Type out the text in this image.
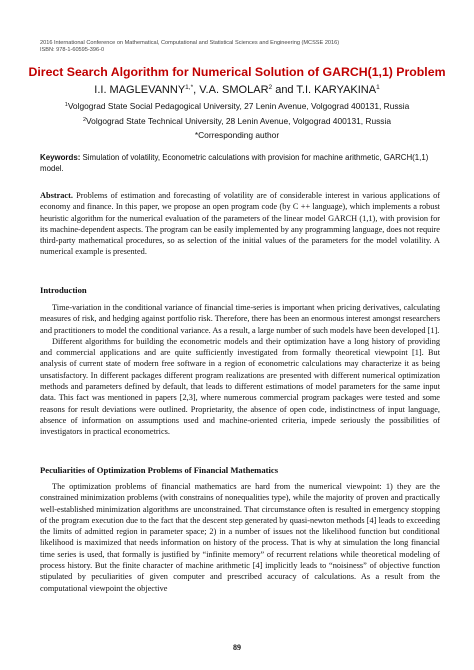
2016 International Conference on Mathematical, Computational and Statistical Sciences and Engineering (MCSSE 2016)
ISBN: 978-1-60595-396-0
Direct Search Algorithm for Numerical Solution of GARCH(1,1) Problem
I.I. $MAGLEVANNY^{1,*}$, V.A. SMOLAR$^2$ and T.I. KARYAKINA$^1$
$^1$Volgograd State Social Pedagogical University, 27 Lenin Avenue, Volgograd 400131, Russia
$^2$Volgograd State Technical University, 28 Lenin Avenue, Volgograd 400131, Russia
*Corresponding author
Keywords: Simulation of volatility, Econometric calculations with provision for machine arithmetic, GARCH(1,1) model.

Abstract. Problems of estimation and forecasting of volatility are of considerable interest in various applications of economy and finance. In this paper, we propose an open program code (by C ++ language), which implements a robust heuristic algorithm for the numerical evaluation of the parameters of the linear model GARCH (1,1), with provision for its machine-dependent aspects. The program can be easily implemented by any programming language, does not require third-party mathematical procedures, so as selection of the initial values of the parameters for the model volatility. A numerical example is presented.

Introduction

Time-variation in the conditional variance of financial time-series is important when pricing derivatives, calculating measures of risk, and hedging against portfolio risk. Therefore, there has been an enormous interest amongst researchers and practitioners to model the conditional variance. As a result, a large number of such models have been developed [1].

Different algorithms for building the econometric models and their optimization have a long history of providing and commercial applications and are quite sufficiently investigated from formally theoretical viewpoint [1]. But analysis of current state of modern free software in a region of econometric calculations may characterize it as being unsatisfactory. In different packages different program realizations are presented with different numerical optimization methods and parameters defined by default, that leads to different estimations of model parameters for the same input data. This fact was mentioned in papers [2,3], where numerous commercial program packages were tested and some reasons for result deviations were outlined. Proprietarity, the absence of open code, indistinctness of input language, absence of information on assumptions used and machine-oriented criteria, impede seriously the possibilities of investigators in practical econometrics.

Peculiarities of Optimization Problems of Financial Mathematics

The optimization problems of financial mathematics are hard from the numerical viewpoint: 1) they are the constrained minimization problems (with constrains of nonequalities type), while the majority of proven and practically well-established minimization algorithms are unconstrained. That circumstance often is resulted in emergency stopping of the program execution due to the fact that the descent step generated by quasi-newton methods [4] leads to exceeding the limits of admitted region in parameter space; 2) in a number of issues not the likelihood function but conditional likelihood is maximized that needs information on history of the process. That is why at simulation the long financial time series is used, that formally is justified by “infinite memory” of recurrent relations while theoretical modeling of process history. But the finite character of machine arithmetic [4] implicitly leads to “noisiness” of objective function stipulated by peculiarities of given computer and prescribed accuracy of calculations. As a result from the computational viewpoint the objective

89
